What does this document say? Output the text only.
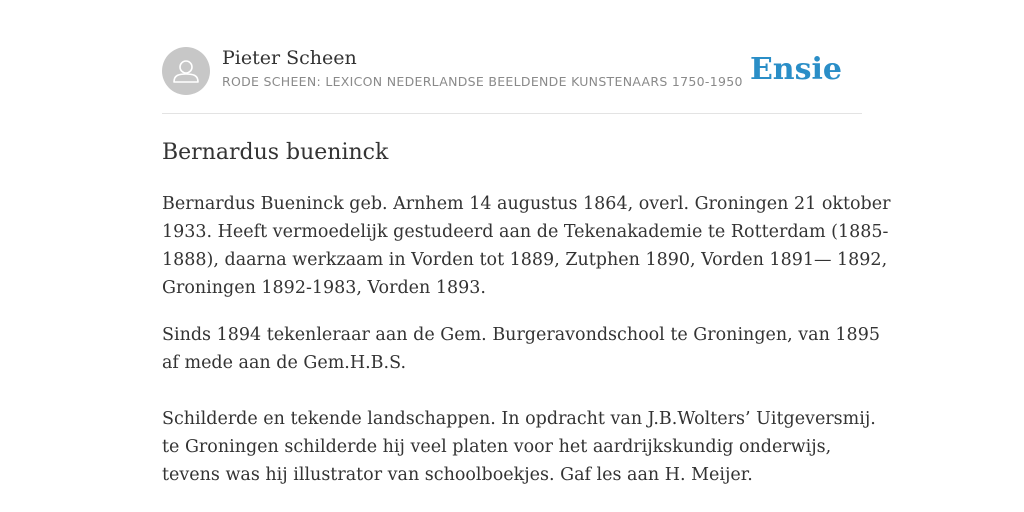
Pieter Scheen
RODE SCHEEN: LEXICON NEDERLANDSE BEELDENDE KUNSTENAARS 1750-1950 Ensie
Bernardus bueninck

Bernardus Bueninck geb. Arnhem 14 augustus 1864, overl. Groningen 21 oktober

1933. Heeft vermoedelijk gestudeerd aan de Tekenakademie te Rotterdam (1885-

1888), daarna werkzaam in Vorden tot 1889, Zutphen 1890, Vorden 1891— 1892,

Groningen 1892-1983, Vorden 1893.

Sinds 1894 tekenleraar aan de Gem. Burgeravondschool te Groningen, van 1895

af mede aan de Gem.H.B.S.

Schilderde en tekende landschappen. In opdracht van J.B.Wolters’ Uitgeversmij.

te Groningen schilderde hij veel platen voor het aardrijkskundig onderwijs,

tevens was hij illustrator van schoolboekjes. Gaf les aan H. Meijer.
